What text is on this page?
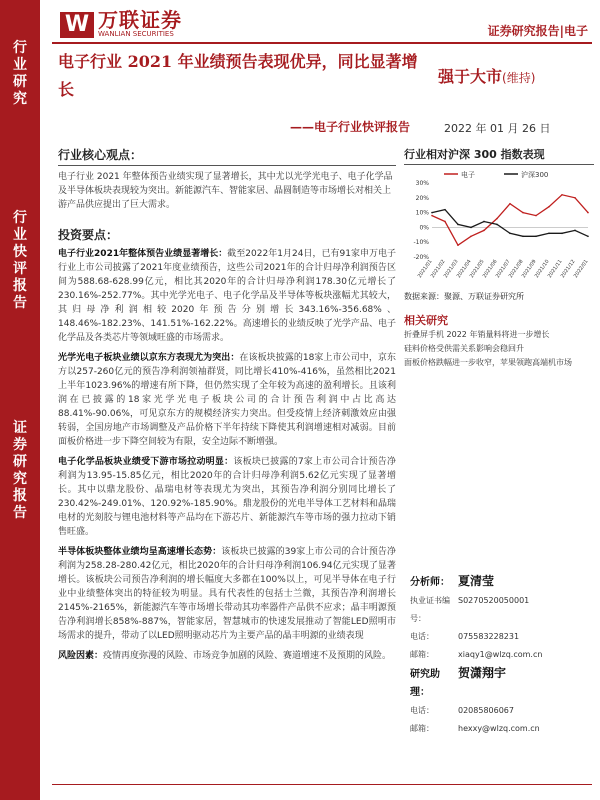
行
业
研
究
行
业
快
评
报
告
证
券
研
究
报
告
W 万联证券
WANLIAN SECURITIES	证券研究报告|电子
电子行业 2021 年业绩预告表现优异，同比显著增长
——电子行业快评报告
强于大市(维持)
2022 年 01 月 26 日
行业核心观点：
电子行业 2021 年整体预告业绩实现了显著增长，其中尤以光学光电子、电子化学品及半导体板块表现较为突出。新能源汽车、智能家居、晶圆制造等市场增长对相关上游产品供应提出了巨大需求。
投资要点：
电子行业2021年整体预告业绩显著增长：截至2022年1月24日，已有91家申万电子行业上市公司披露了2021年度业绩预告，这些公司2021年的合计归母净利润预告区间为588.68-628.99亿元，相比其2020年的合计归母净利润178.30亿元增长了230.16%-252.77%。其中光学光电子、电子化学品及半导体等板块涨幅尤其较大，其归母净利润相较2020年预告分别增长343.16%-356.68%、148.46%-182.23%、141.51%-162.22%。高速增长的业绩反映了光学产品、电子化学品及各类芯片等领域旺盛的市场需求。
光学光电子板块业绩以京东方表现尤为突出：在该板块披露的18家上市公司中，京东方以257-260亿元的预告净利润领袖群贤，同比增长410%-416%，虽然相比2021上半年1023.96%的增速有所下降，但仍然实现了全年较为高速的盈利增长。且该利润在已披露的18家光学光电子板块公司的合计预告利润中占比高达88.41%-90.06%，可见京东方的规模经济实力突出。但受疫情上经济刺激效应由强转弱，全国房地产市场调整及产品价格下半年持续下降使其利润增速相对减弱。目前面板价格进一步下降空间较为有限，安全边际不断增强。
电子化学品板块业绩受下游市场拉动明显：该板块已披露的7家上市公司合计预告净利润为13.95-15.85亿元，相比2020年的合计归母净利润5.62亿元实现了显著增长。其中以鼎龙股份、晶瑞电材等表现尤为突出，其预告净利润分别同比增长了230.42%-249.01%、120.92%-185.90%。鼎龙股份的光电半导体工艺材料和晶瑞电材的光刻胶与锂电池材料等产品均在下游芯片、新能源汽车等市场的强力拉动下销售旺盛。
半导体板块整体业绩均呈高速增长态势：该板块已披露的39家上市公司的合计预告净利润为258.28-280.42亿元，相比2020年的合计归母净利润106.94亿元实现了显著增长。该板块公司预告净利润的增长幅度大多都在100%以上，可见半导体在电子行业中业绩整体突出的特征较为明显。具有代表性的包括士兰微，其预告净利润增长2145%-2165%，新能源汽车等市场增长带动其功率器件产品供不应求；晶丰明源预告净利润增长858%-887%，智能家居，智慧城市的快速发展推动了智能LED照明市场需求的提升，带动了以LED照明驱动芯片为主要产品的晶丰明源的业绩表现
风险因素：疫情再度弥漫的风险、市场竞争加剧的风险、赛道增速不及预期的风险。
行业相对沪深 300 指数表现
电子	沪深300
30%
20%
10%
0%
-10%
-20%
2021/01
2021/02
2021/03
2021/04
2021/05
2021/06
2021/07
2021/08
2021/09
2021/10
2021/11
2021/12
2022/01
数据来源：聚源、万联证券研究所
相关研究
折叠屏手机 2022 年销量料将进一步增长
硅料价格受供需关系影响会稳回升
面板价格跌幅进一步收窄，苹果领跑高端机市场
分析师： 夏清莹
执业证书编号：
S0270520050001
电话：	075583228231
邮箱：	xiaqy1@wlzq.com.cn
研究助理：
贺潇翔宇
电话：	02085806067
邮箱：	hexxy@wlzq.com.cn
